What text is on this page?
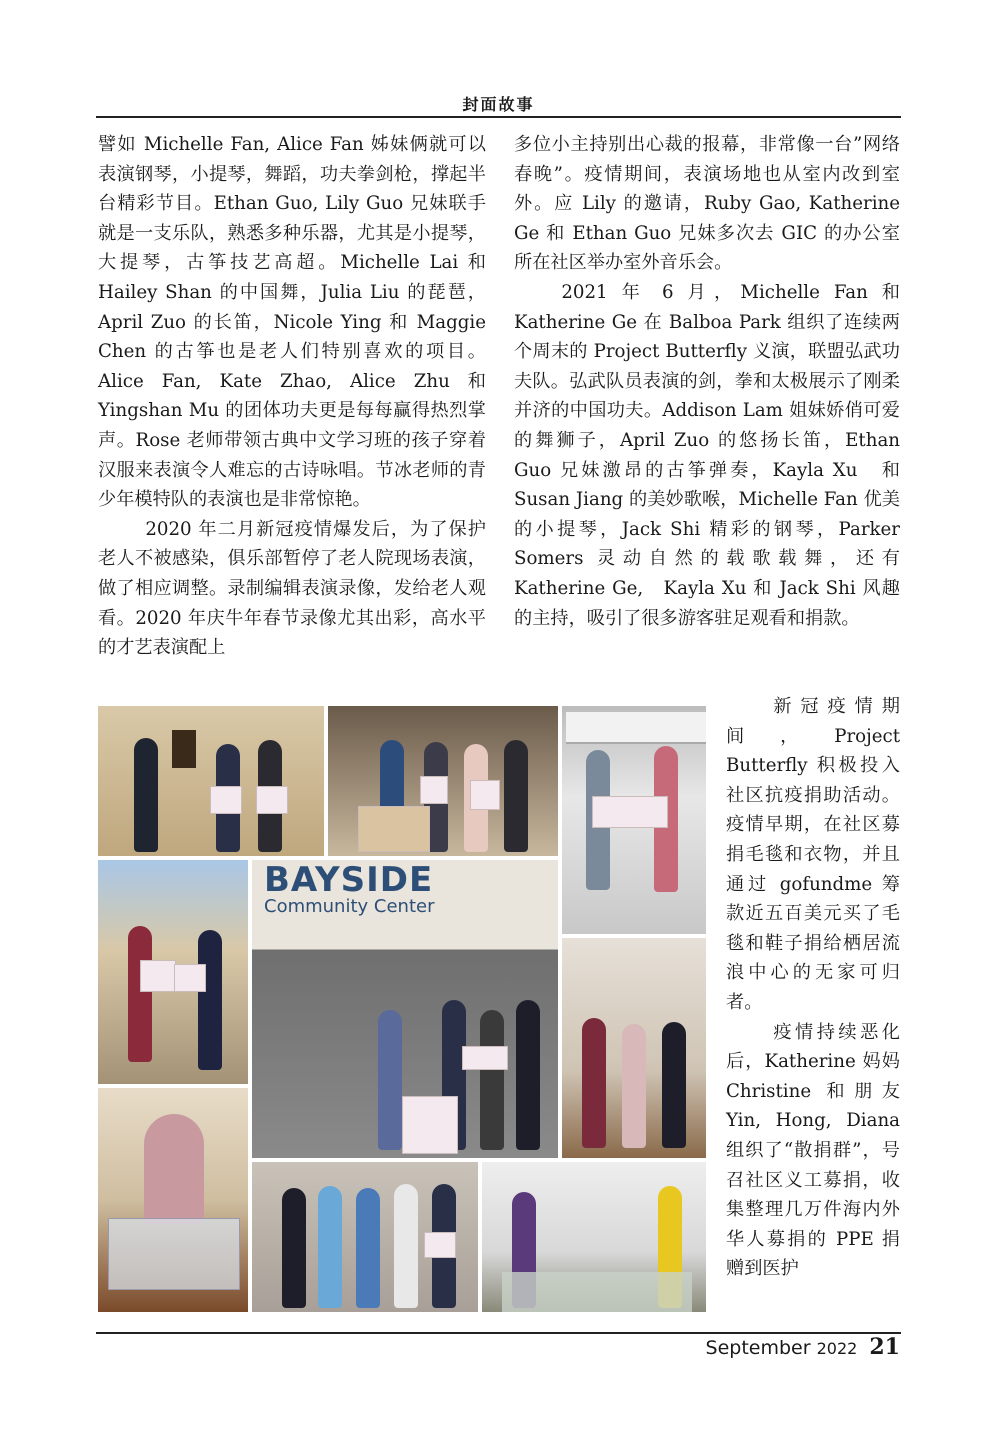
封面故事

譬如 Michelle Fan, Alice Fan 姊妹俩就可以表演钢琴，小提琴，舞蹈，功夫拳剑枪，撑起半台精彩节目。Ethan Guo, Lily Guo 兄妹联手就是一支乐队，熟悉多种乐器，尤其是小提琴，大提琴，古筝技艺高超。Michelle Lai 和 Hailey Shan 的中国舞，Julia Liu 的琵琶，April Zuo 的长笛，Nicole Ying 和 Maggie Chen 的古筝也是老人们特别喜欢的项目。Alice Fan, Kate Zhao, Alice Zhu 和 Yingshan Mu 的团体功夫更是每每赢得热烈掌声。Rose 老师带领古典中文学习班的孩子穿着汉服来表演令人难忘的古诗咏唱。节冰老师的青少年模特队的表演也是非常惊艳。

2020 年二月新冠疫情爆发后，为了保护老人不被感染，俱乐部暂停了老人院现场表演，做了相应调整。录制编辑表演录像，发给老人观看。2020 年庆牛年春节录像尤其出彩，高水平的才艺表演配上

多位小主持别出心裁的报幕，非常像一台”网络春晚”。疫情期间，表演场地也从室内改到室外。应 Lily 的邀请，Ruby Gao, Katherine Ge 和 Ethan Guo 兄妹多次去 GIC 的办公室所在社区举办室外音乐会。

2021 年 6 月，Michelle Fan 和 Katherine Ge 在 Balboa Park 组织了连续两个周末的 Project Butterfly 义演，联盟弘武功夫队。弘武队员表演的剑，拳和太极展示了刚柔并济的中国功夫。Addison Lam 姐妹娇俏可爱的舞狮子，April Zuo 的悠扬长笛，Ethan Guo 兄妹激昂的古筝弹奏，Kayla Xu　和 Susan Jiang 的美妙歌喉，Michelle Fan 优美的小提琴，Jack Shi 精彩的钢琴，Parker Somers 灵动自然的载歌载舞，还有 Katherine Ge,　Kayla Xu 和 Jack Shi 风趣的主持，吸引了很多游客驻足观看和捐款。

新冠疫情期间，Project Butterfly 积极投入社区抗疫捐助活动。疫情早期，在社区募捐毛毯和衣物，并且通过 gofundme 筹款近五百美元买了毛毯和鞋子捐给栖居流浪中心的无家可归者。

疫情持续恶化后，Katherine 妈妈 Christine 和朋友 Yin, Hong, Diana 组织了“散捐群”，号召社区义工募捐，收集整理几万件海内外华人募捐的 PPE 捐赠到医护

BAYSIDE
Community Center
September 2022 21
